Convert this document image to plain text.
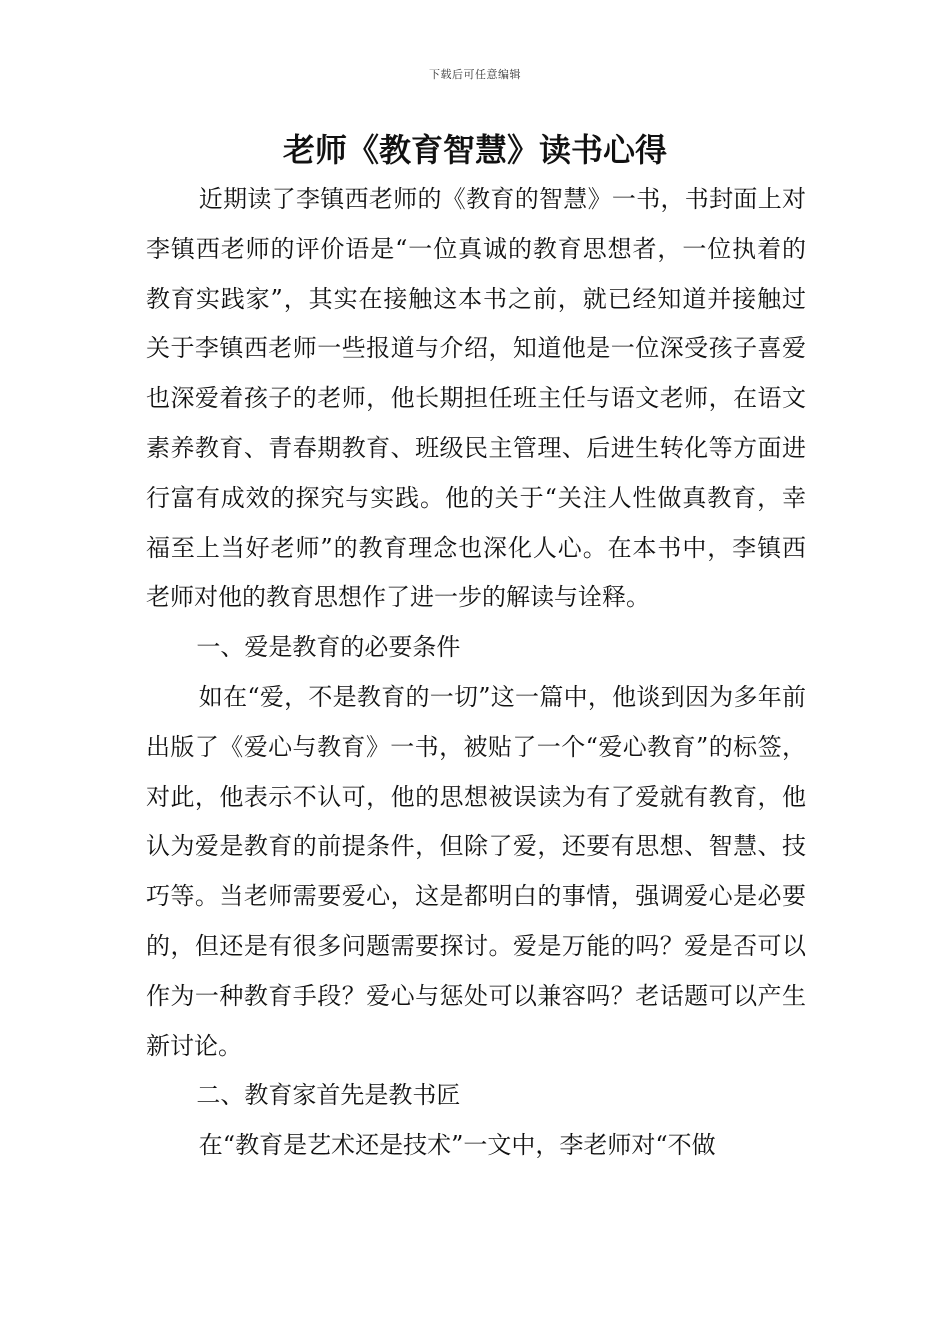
下载后可任意编辑
老师《教育智慧》读书心得

近期读了李镇西老师的《教育的智慧》一书，书封面上对李镇西老师的评价语是“一位真诚的教育思想者，一位执着的教育实践家”，其实在接触这本书之前，就已经知道并接触过关于李镇西老师一些报道与介绍，知道他是一位深受孩子喜爱也深爱着孩子的老师，他长期担任班主任与语文老师，在语文素养教育、青春期教育、班级民主管理、后进生转化等方面进行富有成效的探究与实践。他的关于“关注人性做真教育，幸福至上当好老师”的教育理念也深化人心。在本书中，李镇西老师对他的教育思想作了进一步的解读与诠释。

一、爱是教育的必要条件

如在“爱，不是教育的一切”这一篇中，他谈到因为多年前出版了《爱心与教育》一书，被贴了一个“爱心教育”的标签，对此，他表示不认可，他的思想被误读为有了爱就有教育，他认为爱是教育的前提条件，但除了爱，还要有思想、智慧、技巧等。当老师需要爱心，这是都明白的事情，强调爱心是必要的，但还是有很多问题需要探讨。爱是万能的吗？爱是否可以作为一种教育手段？爱心与惩处可以兼容吗？老话题可以产生新讨论。

二、教育家首先是教书匠

在“教育是艺术还是技术”一文中，李老师对“不做
